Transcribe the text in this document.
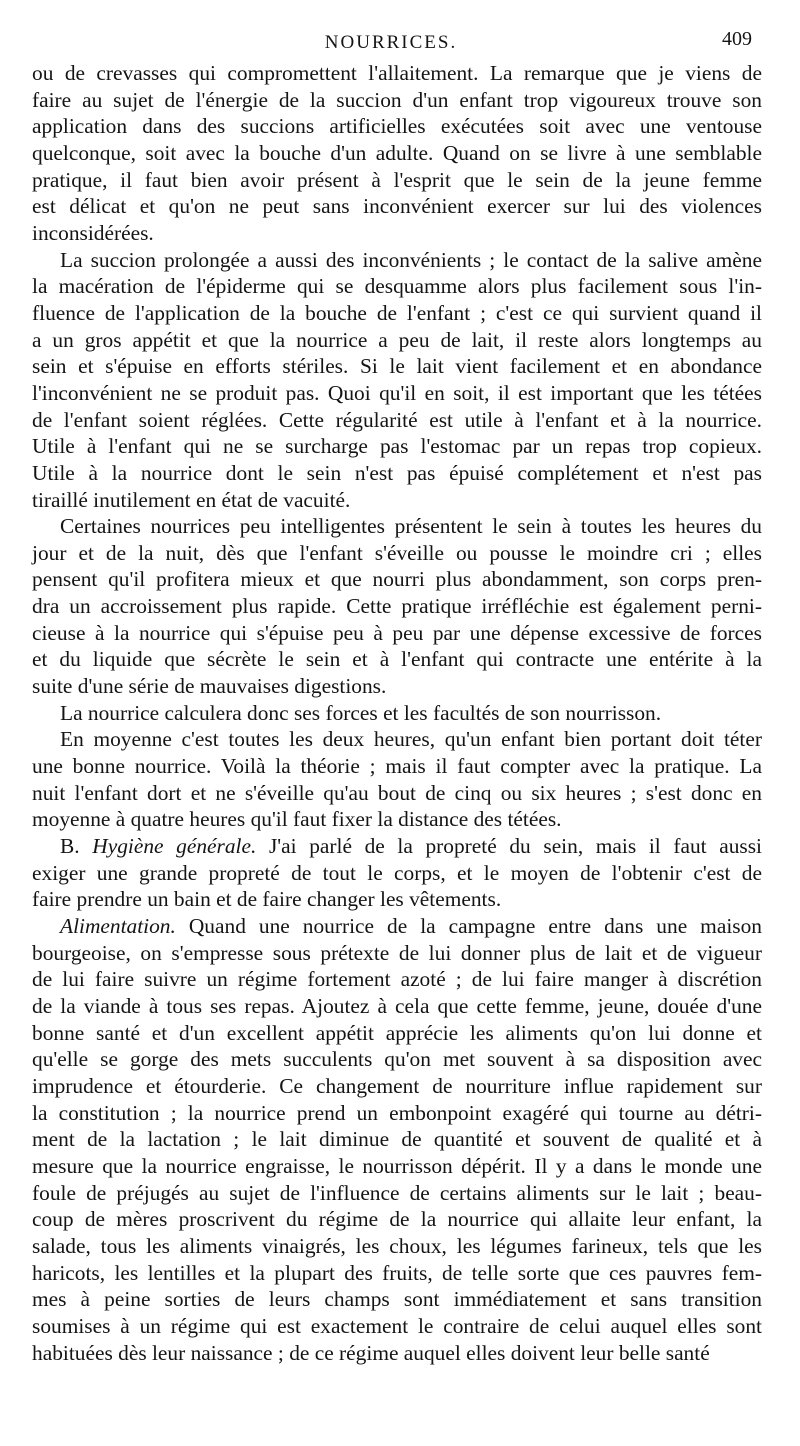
NOURRICES.	409
ou de crevasses qui compromettent l'allaitement. La remarque que je viens de
faire au sujet de l'énergie de la succion d'un enfant trop vigoureux trouve son
application dans des succions artificielles exécutées soit avec une ventouse
quelconque, soit avec la bouche d'un adulte. Quand on se livre à une semblable
pratique, il faut bien avoir présent à l'esprit que le sein de la jeune femme
est délicat et qu'on ne peut sans inconvénient exercer sur lui des violences
inconsidérées.
La succion prolongée a aussi des inconvénients ; le contact de la salive amène
la macération de l'épiderme qui se desquamme alors plus facilement sous l'in-
fluence de l'application de la bouche de l'enfant ; c'est ce qui survient quand il
a un gros appétit et que la nourrice a peu de lait, il reste alors longtemps au
sein et s'épuise en efforts stériles. Si le lait vient facilement et en abondance
l'inconvénient ne se produit pas. Quoi qu'il en soit, il est important que les tétées
de l'enfant soient réglées. Cette régularité est utile à l'enfant et à la nourrice.
Utile à l'enfant qui ne se surcharge pas l'estomac par un repas trop copieux.
Utile à la nourrice dont le sein n'est pas épuisé complétement et n'est pas
tiraillé inutilement en état de vacuité.
Certaines nourrices peu intelligentes présentent le sein à toutes les heures du
jour et de la nuit, dès que l'enfant s'éveille ou pousse le moindre cri ; elles
pensent qu'il profitera mieux et que nourri plus abondamment, son corps pren-
dra un accroissement plus rapide. Cette pratique irréfléchie est également perni-
cieuse à la nourrice qui s'épuise peu à peu par une dépense excessive de forces
et du liquide que sécrète le sein et à l'enfant qui contracte une entérite à la
suite d'une série de mauvaises digestions.
La nourrice calculera donc ses forces et les facultés de son nourrisson.
En moyenne c'est toutes les deux heures, qu'un enfant bien portant doit téter
une bonne nourrice. Voilà la théorie ; mais il faut compter avec la pratique. La
nuit l'enfant dort et ne s'éveille qu'au bout de cinq ou six heures ; s'est donc en
moyenne à quatre heures qu'il faut fixer la distance des tétées.
B. Hygiène générale. J'ai parlé de la propreté du sein, mais il faut aussi
exiger une grande propreté de tout le corps, et le moyen de l'obtenir c'est de
faire prendre un bain et de faire changer les vêtements.
Alimentation. Quand une nourrice de la campagne entre dans une maison
bourgeoise, on s'empresse sous prétexte de lui donner plus de lait et de vigueur
de lui faire suivre un régime fortement azoté ; de lui faire manger à discrétion
de la viande à tous ses repas. Ajoutez à cela que cette femme, jeune, douée d'une
bonne santé et d'un excellent appétit apprécie les aliments qu'on lui donne et
qu'elle se gorge des mets succulents qu'on met souvent à sa disposition avec
imprudence et étourderie. Ce changement de nourriture influe rapidement sur
la constitution ; la nourrice prend un embonpoint exagéré qui tourne au détri-
ment de la lactation ; le lait diminue de quantité et souvent de qualité et à
mesure que la nourrice engraisse, le nourrisson dépérit. Il y a dans le monde une
foule de préjugés au sujet de l'influence de certains aliments sur le lait ; beau-
coup de mères proscrivent du régime de la nourrice qui allaite leur enfant, la
salade, tous les aliments vinaigrés, les choux, les légumes farineux, tels que les
haricots, les lentilles et la plupart des fruits, de telle sorte que ces pauvres fem-
mes à peine sorties de leurs champs sont immédiatement et sans transition
soumises à un régime qui est exactement le contraire de celui auquel elles sont
habituées dès leur naissance ; de ce régime auquel elles doivent leur belle santé
